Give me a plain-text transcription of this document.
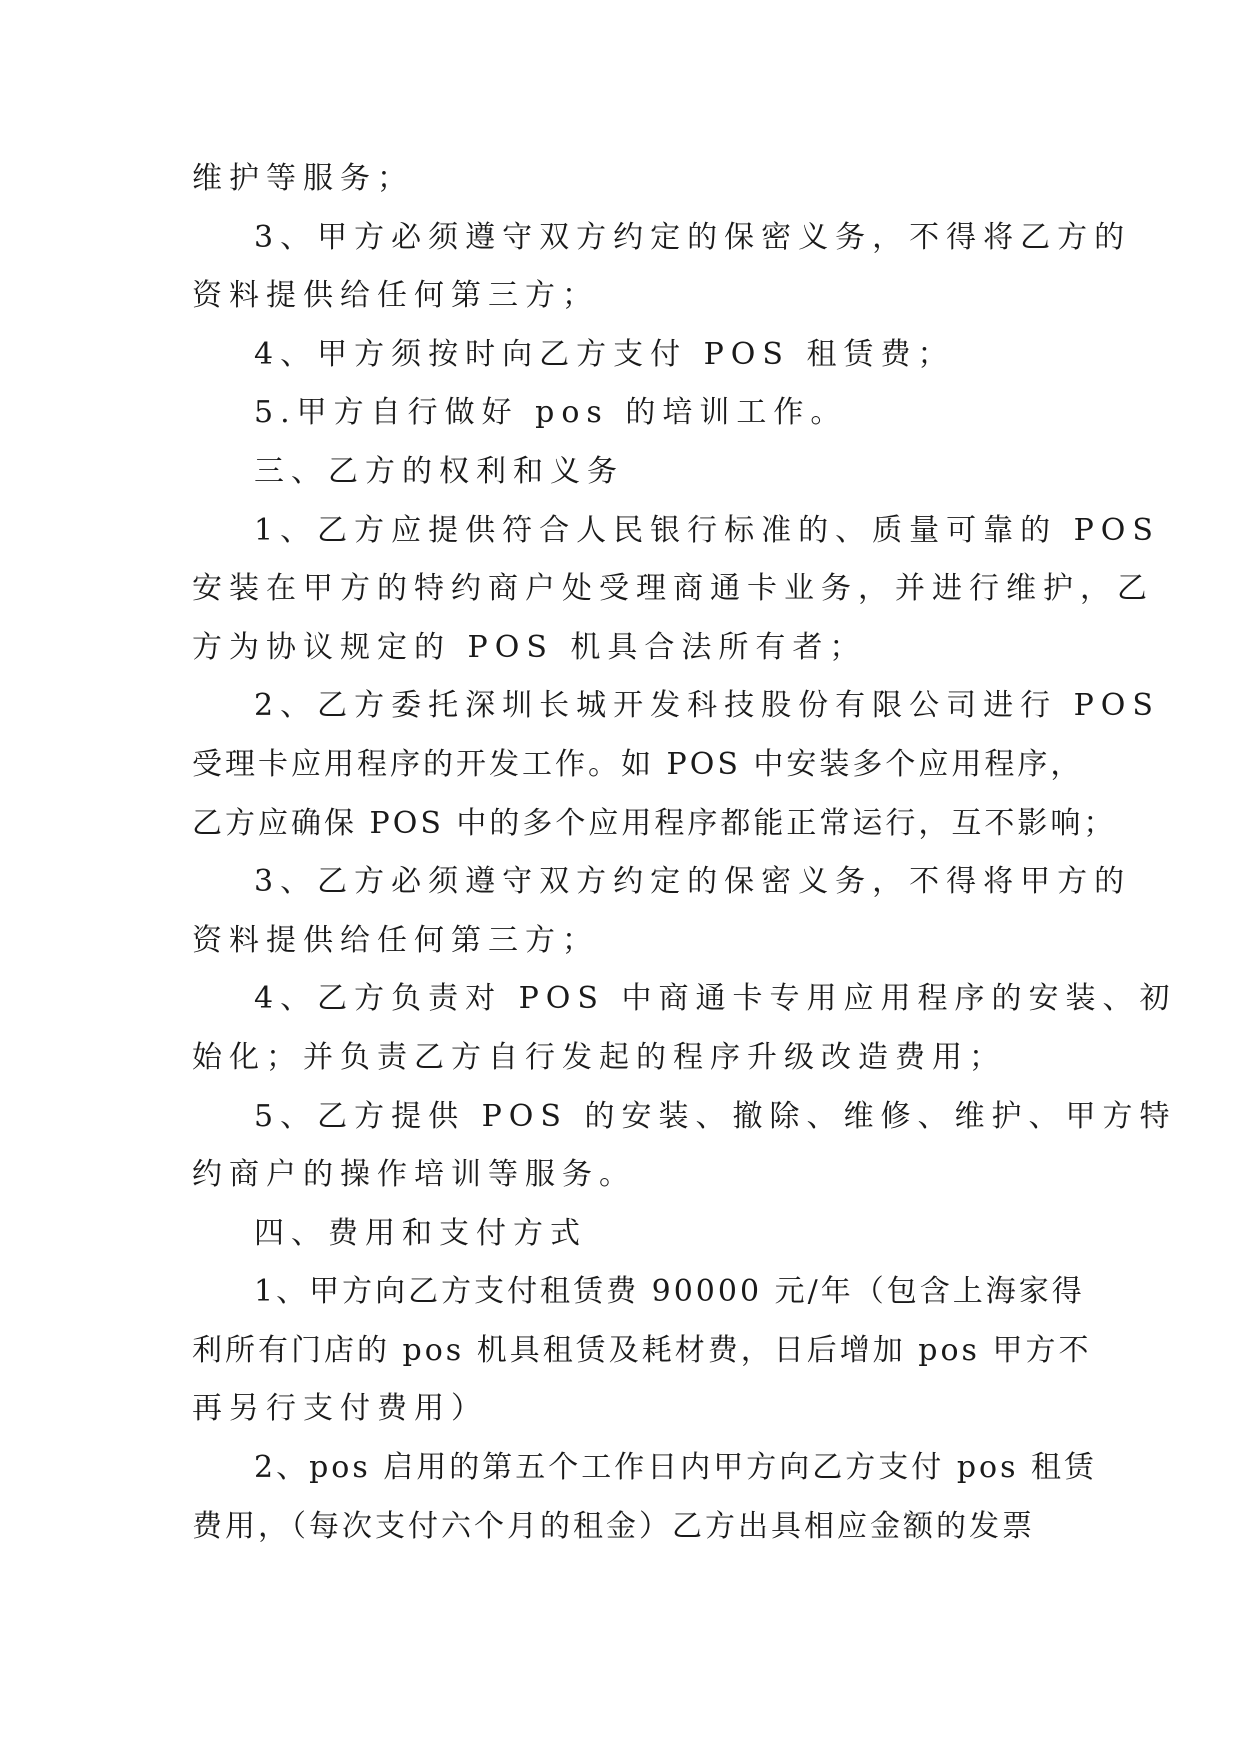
维护等服务；
3、甲方必须遵守双方约定的保密义务，不得将乙方的
资料提供给任何第三方；
4、甲方须按时向乙方支付 POS 租赁费；
5.甲方自行做好 pos 的培训工作。
三、乙方的权利和义务
1、乙方应提供符合人民银行标准的、质量可靠的 POS
安装在甲方的特约商户处受理商通卡业务，并进行维护，乙
方为协议规定的 POS 机具合法所有者；
2、乙方委托深圳长城开发科技股份有限公司进行 POS
受理卡应用程序的开发工作。如 POS 中安装多个应用程序，
乙方应确保 POS 中的多个应用程序都能正常运行，互不影响；
3、乙方必须遵守双方约定的保密义务，不得将甲方的
资料提供给任何第三方；
4、乙方负责对 POS 中商通卡专用应用程序的安装、初
始化；并负责乙方自行发起的程序升级改造费用；
5、乙方提供 POS 的安装、撤除、维修、维护、甲方特
约商户的操作培训等服务。
四、费用和支付方式
1、甲方向乙方支付租赁费 90000 元/年（包含上海家得
利所有门店的 pos 机具租赁及耗材费，日后增加 pos 甲方不
再另行支付费用）
2、pos 启用的第五个工作日内甲方向乙方支付 pos 租赁
费用，（每次支付六个月的租金）乙方出具相应金额的发票
